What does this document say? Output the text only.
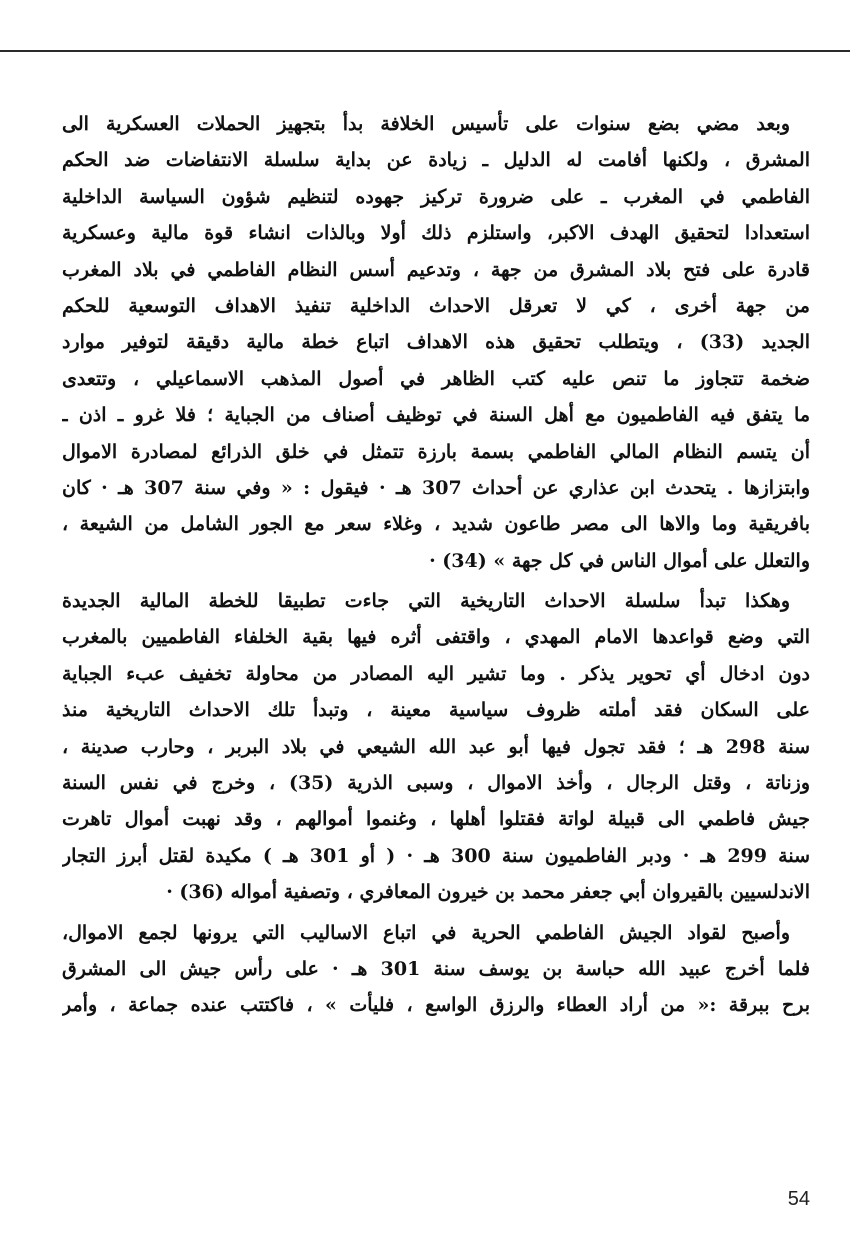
وبعد مضي بضع سنوات على تأسيس الخلافة بدأ بتجهيز الحملات العسكرية الى
المشرق ، ولكنها أفامت له الدليل ـ زيادة عن بداية سلسلة الانتفاضات ضد الحكم
الفاطمي في المغرب ـ على ضرورة تركيز جهوده لتنظيم شؤون السياسة الداخلية
استعدادا لتحقيق الهدف الاكبر، واستلزم ذلك أولا وبالذات انشاء قوة مالية وعسكرية
قادرة على فتح بلاد المشرق من جهة ، وتدعيم أسس النظام الفاطمي في بلاد المغرب
من جهة أخرى ، كي لا تعرقل الاحداث الداخلية تنفيذ الاهداف التوسعية للحكم
الجديد (33) ، ويتطلب تحقيق هذه الاهداف اتباع خطة مالية دقيقة لتوفير موارد
ضخمة تتجاوز ما تنص عليه كتب الظاهر في أصول المذهب الاسماعيلي ، وتتعدى
ما يتفق فيه الفاطميون مع أهل السنة في توظيف أصناف من الجباية ؛ فلا غرو ـ اذن ـ
أن يتسم النظام المالي الفاطمي بسمة بارزة تتمثل في خلق الذرائع لمصادرة الاموال
وابتزازها . يتحدث ابن عذاري عن أحداث 307 هـ · فيقول : « وفي سنة 307 هـ · كان
بافريقية وما والاها الى مصر طاعون شديد ، وغلاء سعر مع الجور الشامل من الشيعة ،
والتعلل على أموال الناس في كل جهة » (34) ·
وهكذا تبدأ سلسلة الاحداث التاريخية التي جاءت تطبيقا للخطة المالية الجديدة
التي وضع قواعدها الامام المهدي ، واقتفى أثره فيها بقية الخلفاء الفاطميين بالمغرب
دون ادخال أي تحوير يذكر . وما تشير اليه المصادر من محاولة تخفيف عبء الجباية
على السكان فقد أملته ظروف سياسية معينة ، وتبدأ تلك الاحداث التاريخية منذ
سنة 298 هـ ؛ فقد تجول فيها أبو عبد الله الشيعي في بلاد البربر ، وحارب صدينة ،
وزناتة ، وقتل الرجال ، وأخذ الاموال ، وسبى الذرية (35) ، وخرج في نفس السنة
جيش فاطمي الى قبيلة لواتة فقتلوا أهلها ، وغنموا أموالهم ، وقد نهبت أموال تاهرت
سنة 299 هـ · ودبر الفاطميون سنة 300 هـ · ( أو 301 هـ ) مكيدة لقتل أبرز التجار
الاندلسيين بالقيروان أبي جعفر محمد بن خيرون المعافري ، وتصفية أمواله (36) ·
وأصبح لقواد الجيش الفاطمي الحرية في اتباع الاساليب التي يرونها لجمع الاموال،
فلما أخرج عبيد الله حباسة بن يوسف سنة 301 هـ · على رأس جيش الى المشرق
برح ببرقة :« من أراد العطاء والرزق الواسع ، فليأت » ، فاكتتب عنده جماعة ، وأمر
54
